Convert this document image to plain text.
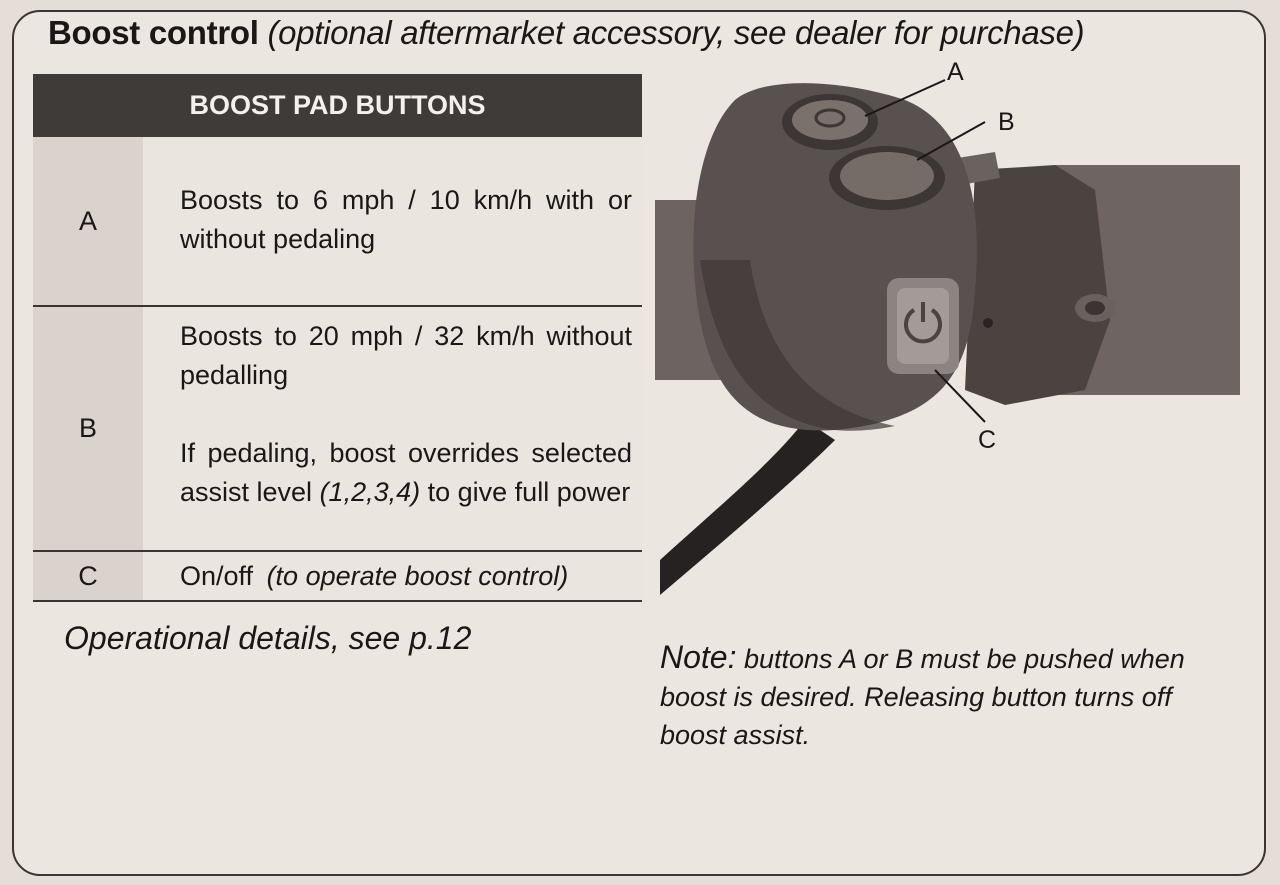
Boost control (optional aftermarket accessory, see dealer for purchase)
BOOST PAD BUTTONS
A
Boosts to 6 mph / 10 km/h with or without pedaling
B

Boosts to 20 mph / 32 km/h without pedalling

If pedaling, boost overrides selected assist level (1,2,3,4) to give full power

C	On/off (to operate boost control)
Operational details, see p.12
Note: buttons A or B must be pushed when boost is desired. Releasing button turns off boost assist.
A
B
C
